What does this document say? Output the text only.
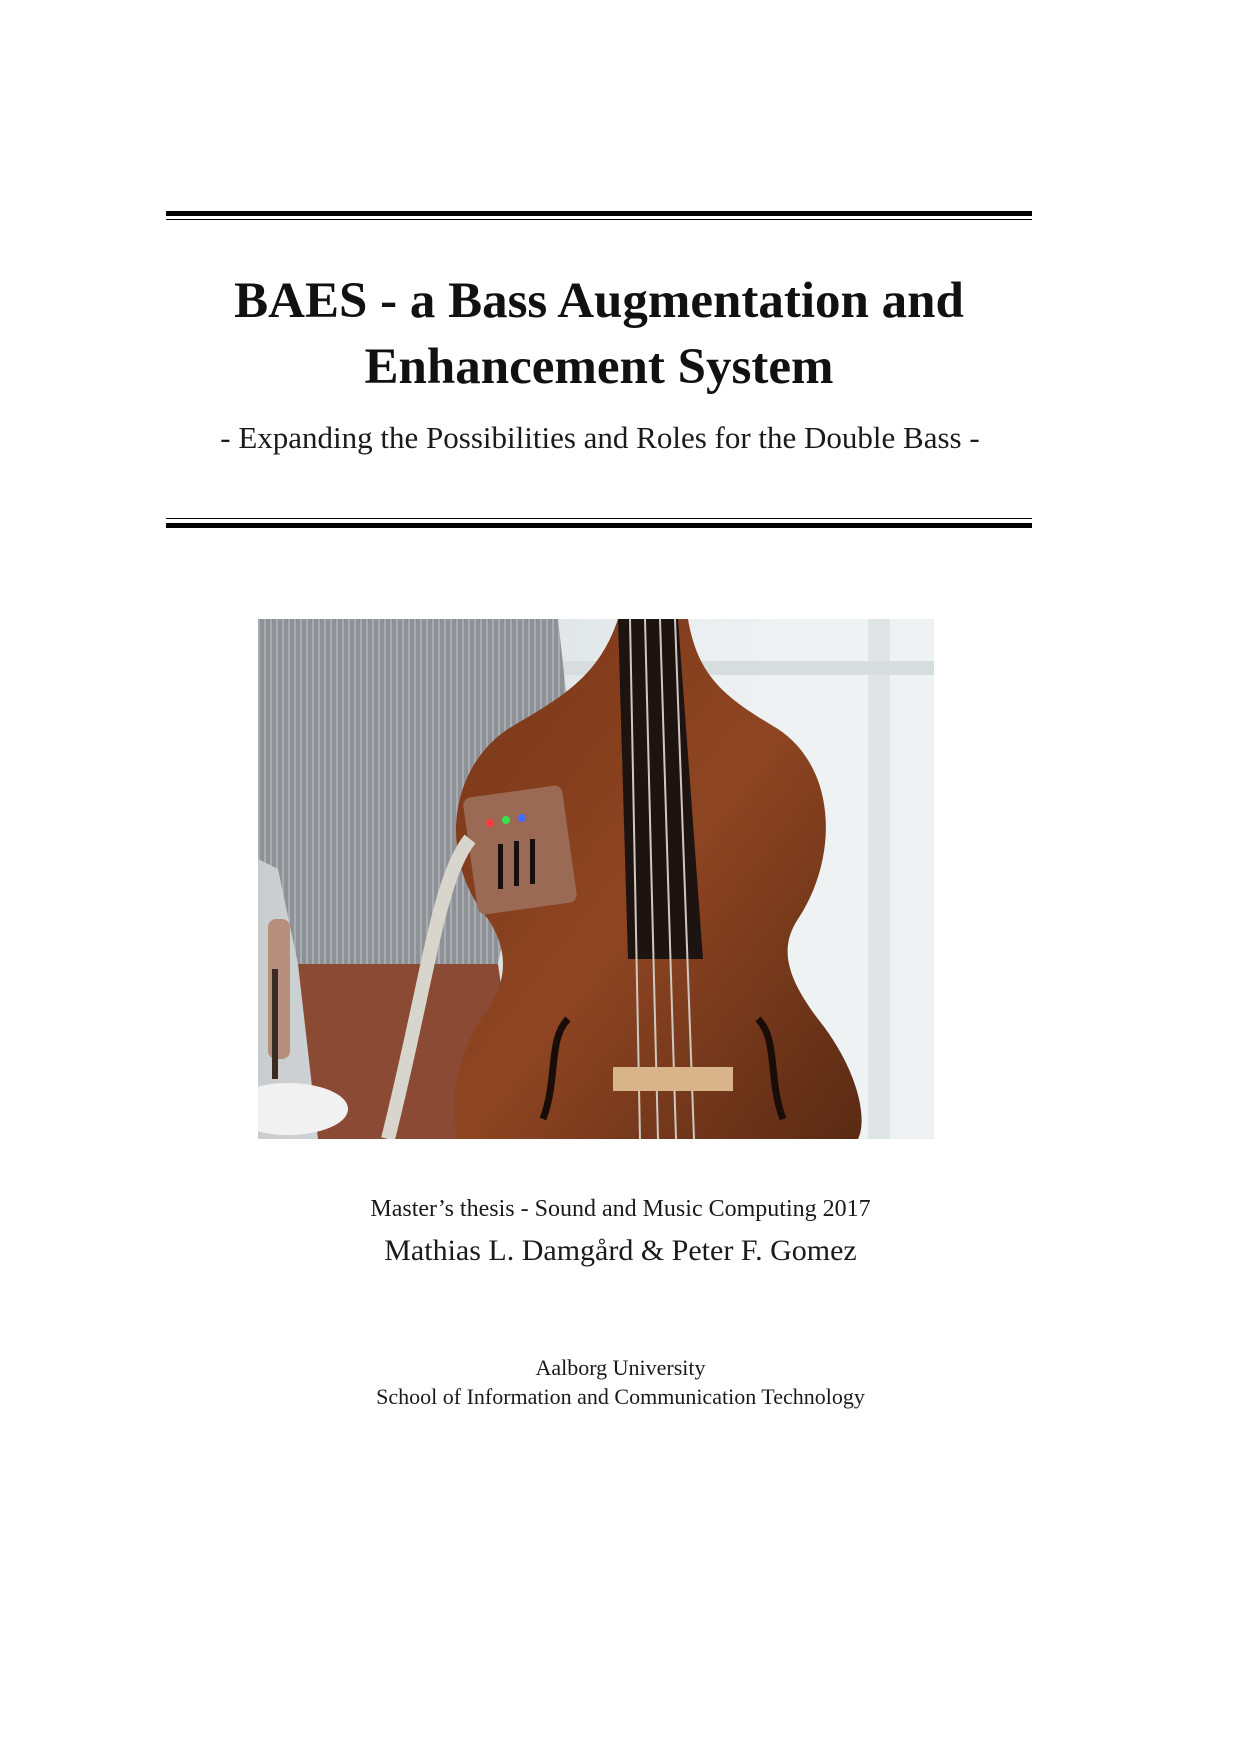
BAES - a Bass Augmentation and
Enhancement System

- Expanding the Possibilities and Roles for the Double Bass -

Master’s thesis - Sound and Music Computing 2017

Mathias L. Damgård & Peter F. Gomez

Aalborg University

School of Information and Communication Technology
